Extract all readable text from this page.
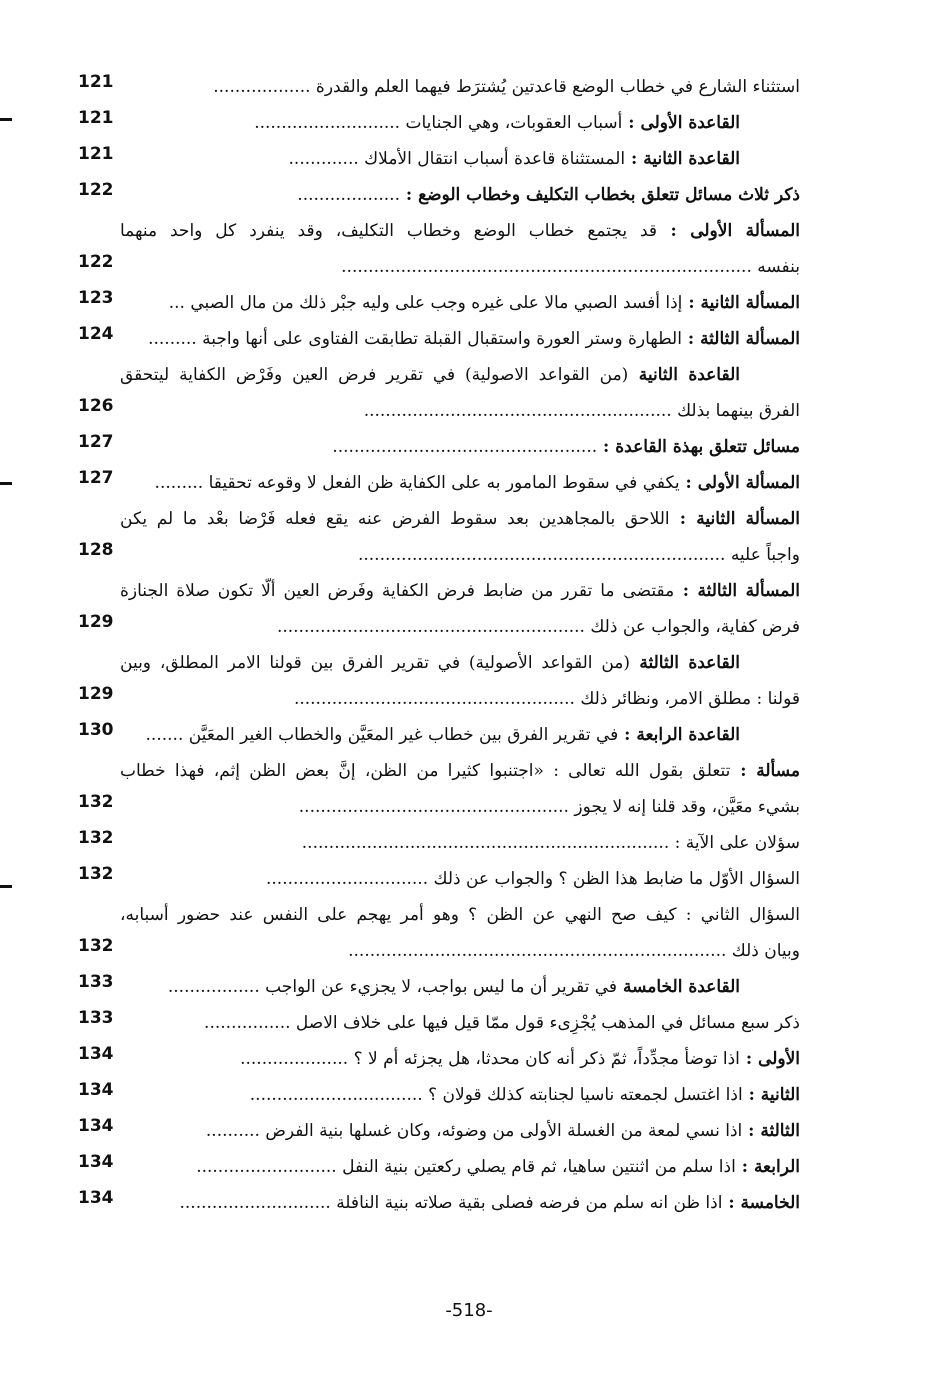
استثناء الشارع في خطاب الوضع قاعدتين يُشترَط فيهما العلم والقدرة ..................
121
القاعدة الأولى : أسباب العقوبات، وهي الجنايات ...........................
121
القاعدة الثانية : المستثناة قاعدة أسباب انتقال الأملاك .............
121
ذكر ثلاث مسائل تتعلق بخطاب التكليف وخطاب الوضع : ...................
122
المسألة الأولى : قد يجتمع خطاب الوضع وخطاب التكليف، وقد ينفرد كل واحد منهما
بنفسه ............................................................................
122
المسألة الثانية : إذا أفسد الصبي مالا على غيره وجب على وليه جبْر ذلك من مال الصبي ...
123
المسألة الثالثة : الطهارة وستر العورة واستقبال القبلة تطابقت الفتاوى على أنها واجبة .........
124
القاعدة الثانية (من القواعد الاصولية) في تقرير فرض العين وفَرْض الكفاية ليتحقق
الفرق بينهما بذلك .........................................................
126
مسائل تتعلق بهذة القاعدة : .................................................
127
المسألة الأولى : يكفي في سقوط المامور به على الكفاية ظن الفعل لا وقوعه تحقيقا .........
127
المسألة الثانية : اللاحق بالمجاهدين بعد سقوط الفرض عنه يقع فعله فَرْضا بعْد ما لم يكن
واجباً عليه ....................................................................
128
المسألة الثالثة : مقتضى ما تقرر من ضابط فرض الكفاية وفَرض العين ألّا تكون صلاة الجنازة
فرض كفاية، والجواب عن ذلك .........................................................
129
القاعدة الثالثة (من القواعد الأصولية) في تقرير الفرق بين قولنا الامر المطلق، وبين
قولنا : مطلق الامر، ونظائر ذلك ....................................................
129
القاعدة الرابعة : في تقرير الفرق بين خطاب غير المعَيَّن والخطاب الغير المعَيَّن .......
130
مسألة : تتعلق بقول الله تعالى : «اجتنبوا كثيرا من الظن، إنَّ بعض الظن إثم، فهذا خطاب
بشيء معَيَّن، وقد قلنا إنه لا يجوز ..................................................
132
سؤلان على الآية : ....................................................................
132
السؤال الأوّل ما ضابط هذا الظن ؟ والجواب عن ذلك ..............................
132
السؤال الثاني : كيف صح النهي عن الظن ؟ وهو أمر يهجم على النفس عند حضور أسبابه،
وبيان ذلك ......................................................................
132
القاعدة الخامسة في تقرير أن ما ليس بواجب، لا يجزيء عن الواجب .................
133
ذكر سبع مسائل في المذهب يُجْزِىء قول ممّا قيل فيها على خلاف الاصل ................
133
الأولى : اذا توضأ مجدِّداً، ثمّ ذكر أنه كان محدثا، هل يجزئه أم لا ؟ ....................
134
الثانية : اذا اغتسل لجمعته ناسيا لجنابته كذلك قولان ؟ ................................
134
الثالثة : اذا نسي لمعة من الغسلة الأولى من وضوئه، وكان غسلها بنية الفرض ..........
134
الرابعة : اذا سلم من اثنتين ساهيا، ثم قام يصلي ركعتين بنية النفل ..........................
134
الخامسة : اذا ظن انه سلم من فرضه فصلى بقية صلاته بنية النافلة ............................
134
-518-
